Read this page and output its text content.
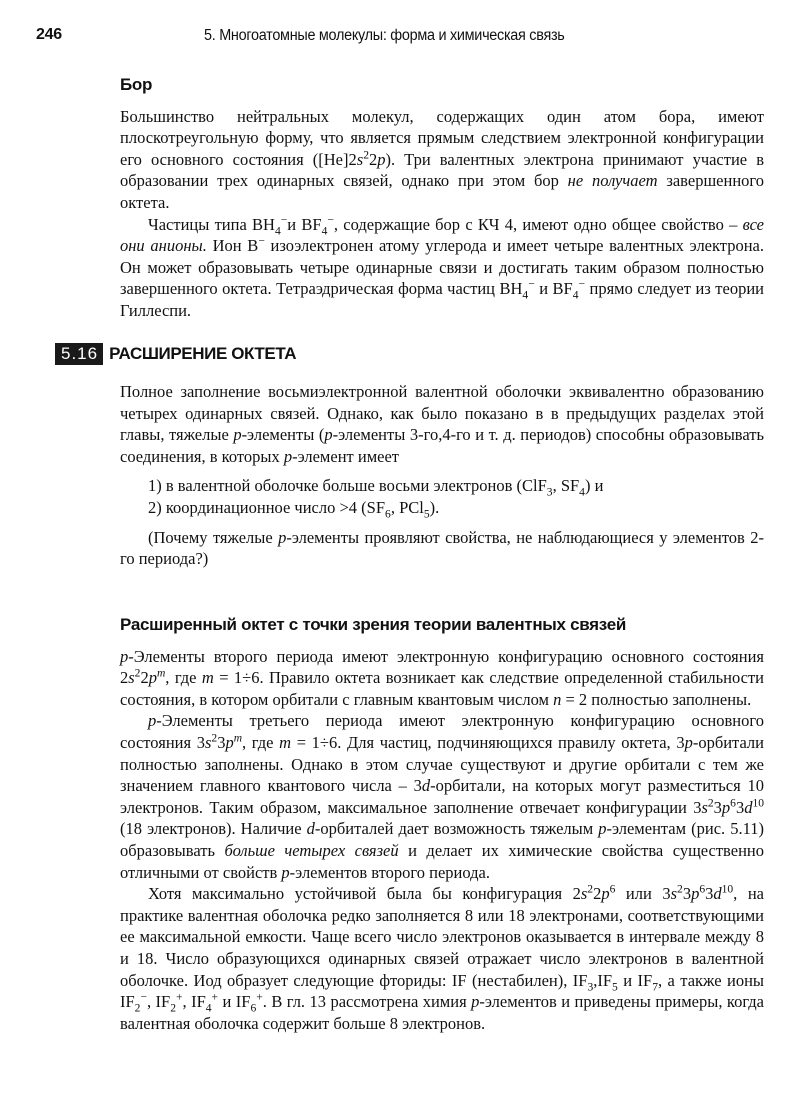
246	5. Многоатомные молекулы: форма и химическая связь
Бор

Большинство нейтральных молекул, содержащих один атом бора, имеют плоскотреугольную форму, что является прямым следствием электронной конфигурации его основного состояния $([He]2s^22p)$. Три валентных электрона принимают участие в образовании трех одинарных связей, однако при этом бор не получает завершенного октета.

Частицы типа $BH_4^-и$ $BF_4^-$, содержащие бор с КЧ 4, имеют одно общее свойство – все они анионы. Ион B− изоэлектронен атому углерода и имеет четыре валентных электрона. Он может образовывать четыре одинарные связи и достигать таким образом полностью завершенного октета. Тетраэдрическая форма частиц $BH_4^-$ и $BF_4^-$ прямо следует из теории Гиллеспи.

5.16 РАСШИРЕНИЕ ОКТЕТА

Полное заполнение восьмиэлектронной валентной оболочки эквивалентно образованию четырех одинарных связей. Однако, как было показано в в предыдущих разделах этой главы, тяжелые p-элементы (p-элементы 3-го,4-го и т. д. периодов) способны образовывать соединения, в которых p-элемент имеет

1) в валентной оболочке больше восьми электронов (ClF$_3$, $SF_4$) и
2) координационное число >4 ($SF_6$, PCl$_5$).

(Почему тяжелые p-элементы проявляют свойства, не наблюдающиеся у элементов 2-го периода?)

Расширенный октет с точки зрения теории валентных связей

p-Элементы второго периода имеют электронную конфигурацию основного состояния $2s^22p^m$, где m = 1÷6. Правило октета возникает как следствие определенной стабильности состояния, в котором орбитали с главным квантовым числом n = 2 полностью заполнены.

p-Элементы третьего периода имеют электронную конфигурацию основного состояния $3s^23p^m$, где m = 1÷6. Для частиц, подчиняющихся правилу октета, 3p-орбитали полностью заполнены. Однако в этом случае существуют и другие орбитали с тем же значением главного квантового числа – 3d-орбитали, на которых могут разместиться 10 электронов. Таким образом, максимальное заполнение отвечает конфигурации $3s^23p^63d^{10}$ (18 электронов). Наличие d-орбиталей дает возможность тяжелым p-элементам (рис. 5.11) образовывать больше четырех связей и делает их химические свойства существенно отличными от свойств p-элементов второго периода.

Хотя максимально устойчивой была бы конфигурация $2s^22p^6$ или $3s^23p^63d^{10}$, на практике валентная оболочка редко заполняется 8 или 18 электронами, соответствующими ее максимальной емкости. Чаще всего число электронов оказывается в интервале между 8 и 18. Число образующихся одинарных связей отражает число электронов в валентной оболочке. Иод образует следующие фториды: IF (нестабилен), $IF_3,IF_5$ и $IF_7$, а также ионы $IF_2^-$, $IF_2^+$, $IF_4^+$ и $IF_6^+$. В гл. 13 рассмотрена химия p-элементов и приведены примеры, когда валентная оболочка содержит больше 8 электронов.
